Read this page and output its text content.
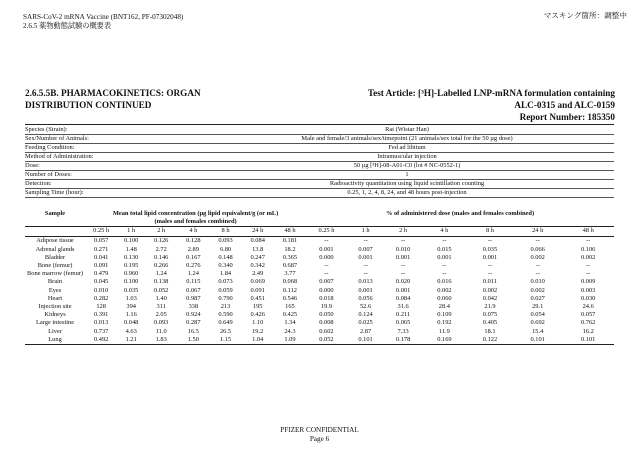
SARS-CoV-2 mRNA Vaccine (BNT162, PF-07302048)
2.6.5 薬物動態試験の概要表
マスキング箇所：調整中
2.6.5.5B. PHARMACOKINETICS: ORGAN
DISTRIBUTION CONTINUED
Test Article: [³H]-Labelled LNP-mRNA formulation containing
ALC-0315 and ALC-0159
Report Number: 185350
Species (Strain):	Rat (Wistar Han)
Sex/Number of Animals:	Male and female/3 animals/sex/timepoint (21 animals/sex total for the 50 µg dose)
Feeding Condition:	Fed ad libitum
Method of Administration:	Intramuscular injection
Dose:	50 µg [³H]-08-A01-C0 (lot # NC-0552-1)
Number of Doses:	1
Detection:	Radioactivity quantitation using liquid scintillation counting
Sampling Time (hour):	0.25, 1, 2, 4, 8, 24, and 48 hours post-injection
Sample	Mean total lipid concentration (µg lipid equivalent/g (or mL)
(males and females combined)							% of administered dose (males and females combined)						
	0.25 h	1 h	2 h	4 h	8 h	24 h	48 h	0.25 h	1 h	2 h	4 h	8 h	24 h	48 h
Adipose tissue	0.057	0.100	0.126	0.128	0.093	0.084	0.181	--	--	--	--	--	--	--
Adrenal glands	0.271	1.48	2.72	2.89	6.80	13.8	18.2	0.001	0.007	0.010	0.015	0.035	0.066	0.106
Bladder	0.041	0.130	0.146	0.167	0.148	0.247	0.365	0.000	0.001	0.001	0.001	0.001	0.002	0.002
Bone (femur)	0.091	0.195	0.266	0.276	0.340	0.342	0.687	--	--	--	--	--	--	--
Bone marrow (femur)	0.479	0.960	1.24	1.24	1.84	2.49	3.77	--	--	--	--	--	--	--
Brain	0.045	0.100	0.138	0.115	0.073	0.069	0.068	0.007	0.013	0.020	0.016	0.011	0.010	0.009
Eyes	0.010	0.035	0.052	0.067	0.059	0.091	0.112	0.000	0.001	0.001	0.002	0.002	0.002	0.003
Heart	0.282	1.03	1.40	0.987	0.790	0.451	0.546	0.018	0.056	0.084	0.060	0.042	0.027	0.030
Injection site	128	394	311	338	213	195	165	19.9	52.6	31.6	28.4	21.9	29.1	24.6
Kidneys	0.391	1.16	2.05	0.924	0.590	0.426	0.425	0.050	0.124	0.211	0.109	0.075	0.054	0.057
Large intestine	0.013	0.048	0.093	0.287	0.649	1.10	1.34	0.008	0.025	0.065	0.192	0.405	0.692	0.762
Liver	0.737	4.63	11.0	16.5	26.5	19.2	24.3	0.602	2.87	7.33	11.9	18.1	15.4	16.2
Lung	0.492	1.21	1.83	1.50	1.15	1.04	1.09	0.052	0.101	0.178	0.169	0.122	0.101	0.101
PFIZER CONFIDENTIAL
Page 6
